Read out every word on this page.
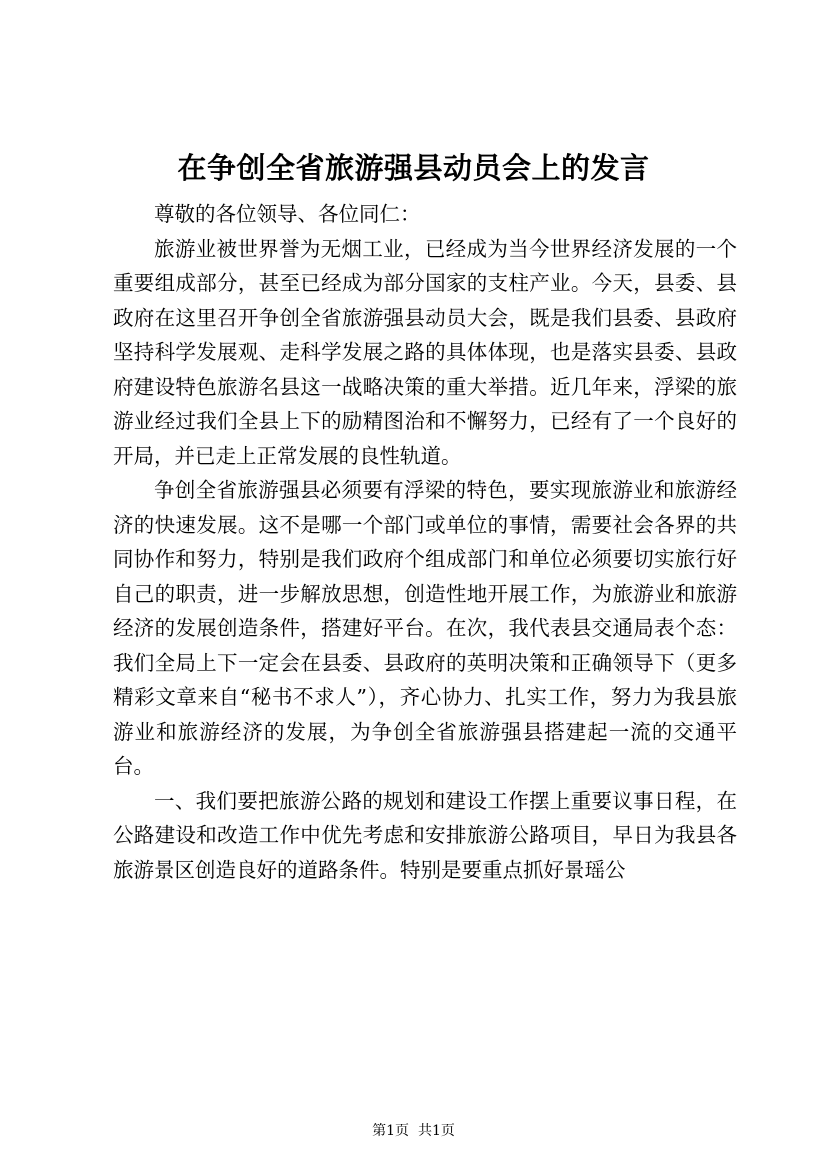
在争创全省旅游强县动员会上的发言

尊敬的各位领导、各位同仁：

旅游业被世界誉为无烟工业，已经成为当今世界经济发展的一个重要组成部分，甚至已经成为部分国家的支柱产业。今天，县委、县政府在这里召开争创全省旅游强县动员大会，既是我们县委、县政府坚持科学发展观、走科学发展之路的具体体现，也是落实县委、县政府建设特色旅游名县这一战略决策的重大举措。近几年来，浮梁的旅游业经过我们全县上下的励精图治和不懈努力，已经有了一个良好的开局，并已走上正常发展的良性轨道。

争创全省旅游强县必须要有浮梁的特色，要实现旅游业和旅游经济的快速发展。这不是哪一个部门或单位的事情，需要社会各界的共同协作和努力，特别是我们政府个组成部门和单位必须要切实旅行好自己的职责，进一步解放思想，创造性地开展工作，为旅游业和旅游经济的发展创造条件，搭建好平台。在次，我代表县交通局表个态：我们全局上下一定会在县委、县政府的英明决策和正确领导下（更多精彩文章来自“秘书不求人”），齐心协力、扎实工作，努力为我县旅游业和旅游经济的发展，为争创全省旅游强县搭建起一流的交通平台。

一、我们要把旅游公路的规划和建设工作摆上重要议事日程，在公路建设和改造工作中优先考虑和安排旅游公路项目，早日为我县各旅游景区创造良好的道路条件。特别是要重点抓好景瑶公

第1页  共1页
